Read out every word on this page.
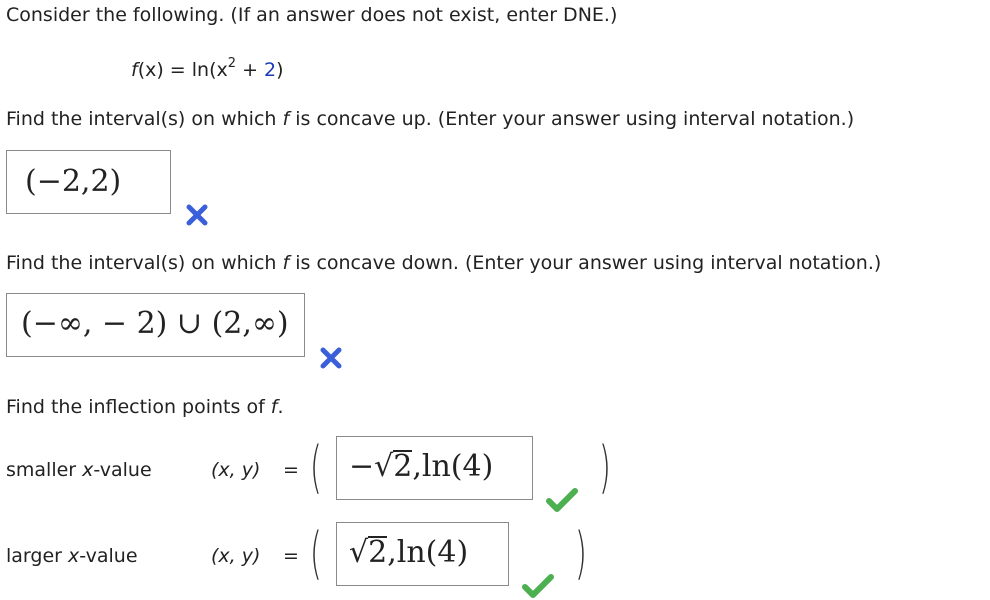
Consider the following. (If an answer does not exist, enter DNE.)
$f(x) = \ln(x^2 + 2)$
Find the interval(s) on which f is concave up. (Enter your answer using interval notation.)
(−2,2)
Find the interval(s) on which f is concave down. (Enter your answer using interval notation.)
(−∞, − 2) ∪ (2,∞)
Find the inflection points of f.
smaller x-value	(x, y) = ( −√2,ln(4) )
larger x-value	(x, y) = ( √2,ln(4) )
